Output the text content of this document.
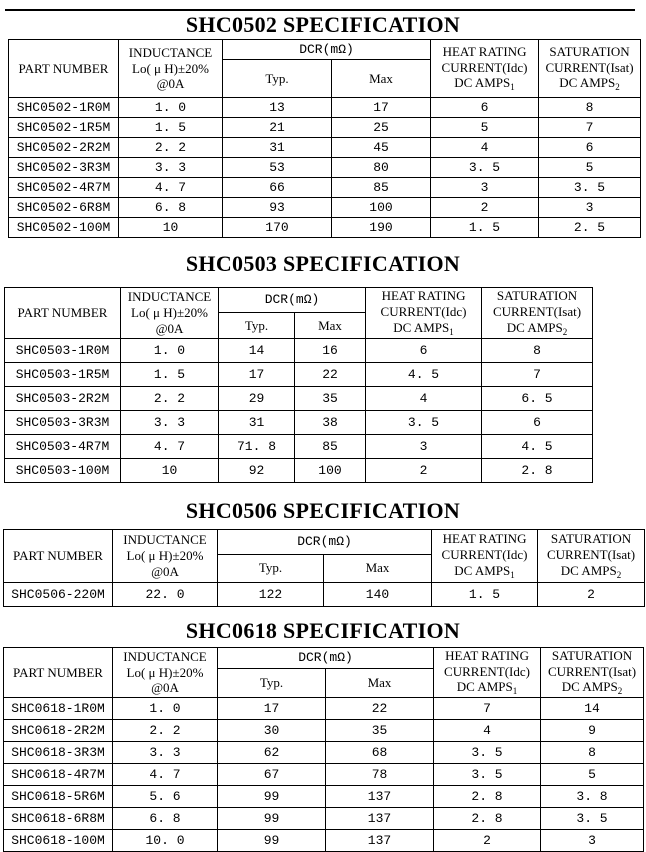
SHC0502 SPECIFICATION
PART NUMBER	INDUCTANCE
Lo( μ H)±20%
@0A	DCR(mΩ)		HEAT RATING
CURRENT(Idc)
DC $AMPS_1$	SATURATION
CURRENT(Isat)
DC $AMPS_2$
		Typ.	Max		
SHC0502-1R0M	1. 0	13	17	6	8
SHC0502-1R5M	1. 5	21	25	5	7
SHC0502-2R2M	2. 2	31	45	4	6
SHC0502-3R3M	3. 3	53	80	3. 5	5
SHC0502-4R7M	4. 7	66	85	3	3. 5
SHC0502-6R8M	6. 8	93	100	2	3
SHC0502-100M	10	170	190	1. 5	2. 5
SHC0503 SPECIFICATION
PART NUMBER	INDUCTANCE
Lo( μ H)±20%
@0A	DCR(mΩ)		HEAT RATING
CURRENT(Idc)
DC $AMPS_1$	SATURATION
CURRENT(Isat)
DC $AMPS_2$
		Typ.	Max		
SHC0503-1R0M	1. 0	14	16	6	8
SHC0503-1R5M	1. 5	17	22	4. 5	7
SHC0503-2R2M	2. 2	29	35	4	6. 5
SHC0503-3R3M	3. 3	31	38	3. 5	6
SHC0503-4R7M	4. 7	71. 8	85	3	4. 5
SHC0503-100M	10	92	100	2	2. 8
SHC0506 SPECIFICATION
PART NUMBER	INDUCTANCE
Lo( μ H)±20%
@0A	DCR(mΩ)		HEAT RATING
CURRENT(Idc)
DC $AMPS_1$	SATURATION
CURRENT(Isat)
DC $AMPS_2$
		Typ.	Max		
SHC0506-220M	22. 0	122	140	1. 5	2
SHC0618 SPECIFICATION
PART NUMBER	INDUCTANCE
Lo( μ H)±20%
@0A	DCR(mΩ)		HEAT RATING
CURRENT(Idc)
DC $AMPS_1$	SATURATION
CURRENT(Isat)
DC $AMPS_2$
		Typ.	Max		
SHC0618-1R0M	1. 0	17	22	7	14
SHC0618-2R2M	2. 2	30	35	4	9
SHC0618-3R3M	3. 3	62	68	3. 5	8
SHC0618-4R7M	4. 7	67	78	3. 5	5
SHC0618-5R6M	5. 6	99	137	2. 8	3. 8
SHC0618-6R8M	6. 8	99	137	2. 8	3. 5
SHC0618-100M	10. 0	99	137	2	3
